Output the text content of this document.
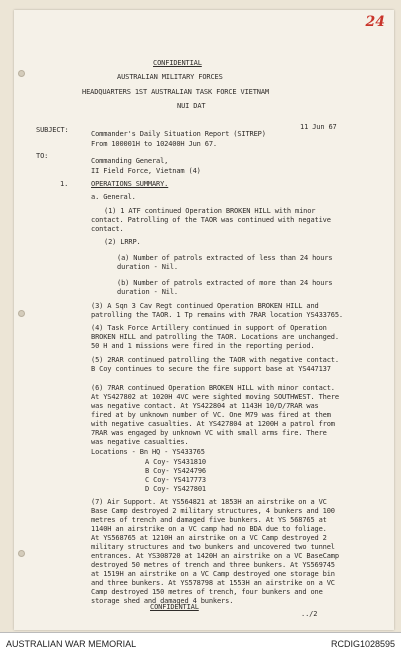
24
CONFIDENTIAL
AUSTRALIAN MILITARY FORCES
HEADQUARTERS 1ST AUSTRALIAN TASK FORCE VIETNAM
NUI DAT
11 Jun 67
SUBJECT:	Commander's Daily Situation Report (SITREP)
From 100001H to 102400H Jun 67.
TO:
Commanding General,
II Field Force, Vietnam (4)
1.	OPERATIONS SUMMARY.
a. General.
(1) 1 ATF continued Operation BROKEN HILL with minor
contact. Patrolling of the TAOR was continued with negative
contact.
(2) LRRP.
(a) Number of patrols extracted of less than 24 hours
duration - Nil.
(b) Number of patrols extracted of more than 24 hours
duration - Nil.
(3) A Sqn 3 Cav Regt continued Operation BROKEN HILL and
patrolling the TAOR. 1 Tp remains with 7RAR location YS433765.
(4) Task Force Artillery continued in support of Operation
BROKEN HILL and patrolling the TAOR. Locations are unchanged.
50 H and 1 missions were fired in the reporting period.
(5) 2RAR continued patrolling the TAOR with negative contact.
B Coy continues to secure the fire support base at YS447137
(6) 7RAR continued Operation BROKEN HILL with minor contact.
At YS427802 at 1020H 4VC were sighted moving SOUTHWEST. There
was negative contact. At YS422804 at 1143H 10/D/7RAR was
fired at by unknown number of VC. One M79 was fired at them
with negative casualties. At YS427804 at 1200H a patrol from
7RAR was engaged by unknown VC with small arms fire. There
was negative casualties.
Locations - Bn HQ - YS433765
A Coy- YS431810
B Coy- YS424796
C Coy- YS417773
D Coy- YS427801
(7) Air Support. At YS564821 at 1853H an airstrike on a VC
Base Camp destroyed 2 military structures, 4 bunkers and 100
metres of trench and damaged five bunkers. At YS 568765 at
1140H an airstrike on a VC camp had no BDA due to foliage.
At YS568765 at 1210H an airstrike on a VC Camp destroyed 2
military structures and two bunkers and uncovered two tunnel
entrances. At YS308720 at 1420H an airstrike on a VC BaseCamp
destroyed 50 metres of trench and three bunkers. At YS569745
at 1519H an airstrike on a VC Camp destroyed one storage bin
and three bunkers. At YS578798 at 1553H an airstrike on a VC
Camp destroyed 150 metres of trench, four bunkers and one
storage shed and damaged 4 bunkers.
CONFIDENTIAL
../2
AUSTRALIAN WAR MEMORIAL	RCDIG1028595
